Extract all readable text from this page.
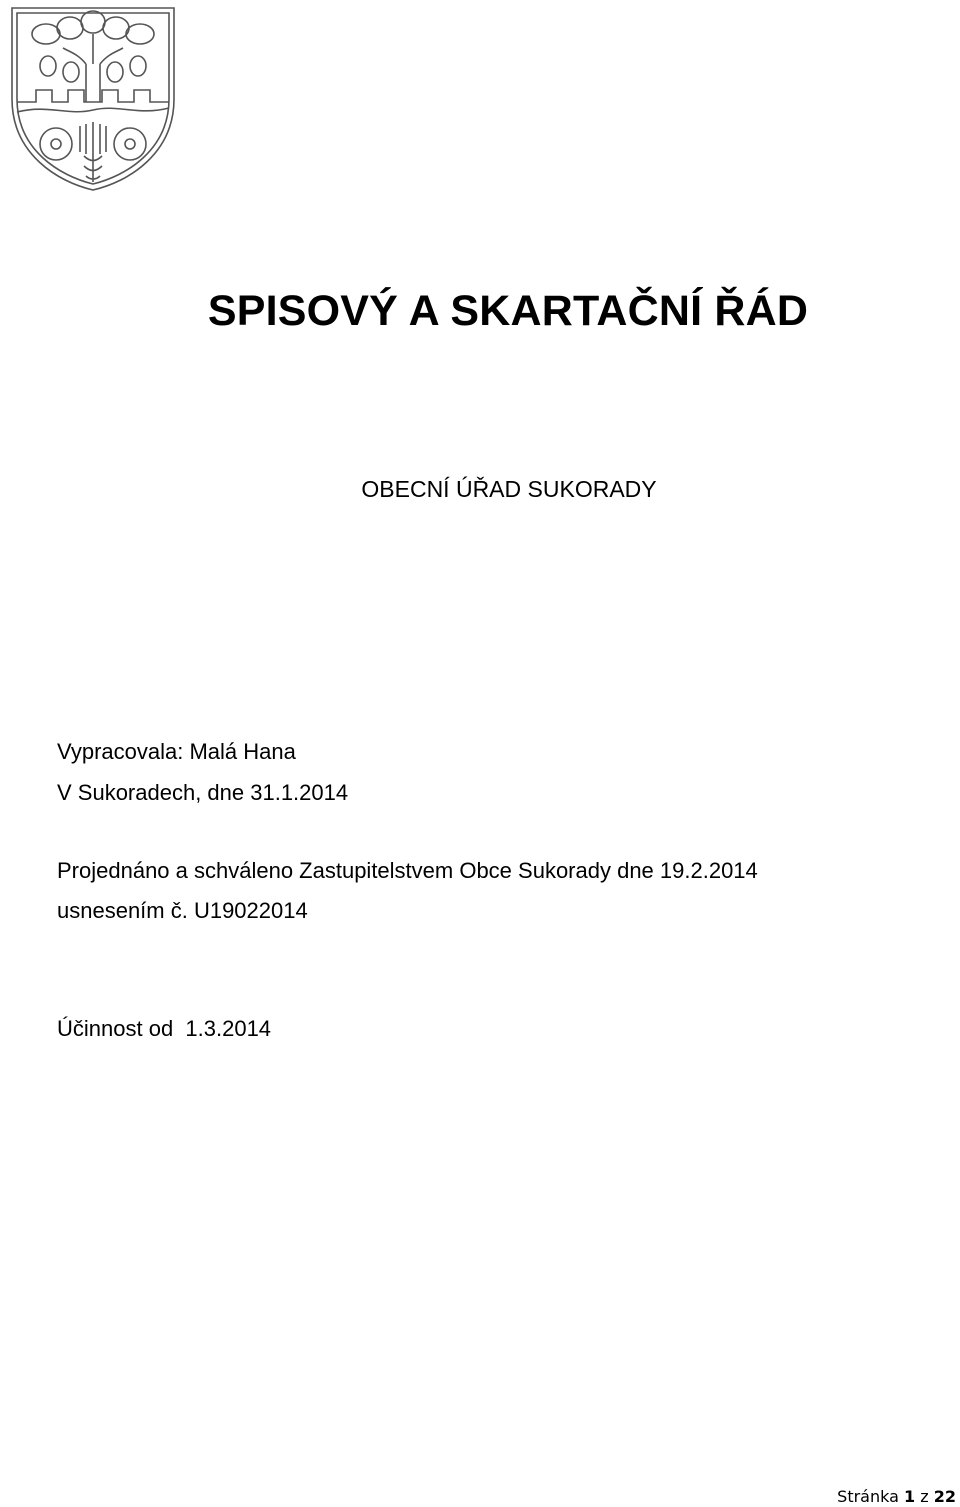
SPISOVÝ A SKARTAČNÍ ŘÁD

OBECNÍ ÚŘAD SUKORADY

Vypracovala: Malá Hana

V Sukoradech, dne 31.1.2014

Projednáno a schváleno Zastupitelstvem Obce Sukorady dne 19.2.2014

usnesením č. U19022014

Účinnost od  1.3.2014

Stránka 1 z 22
